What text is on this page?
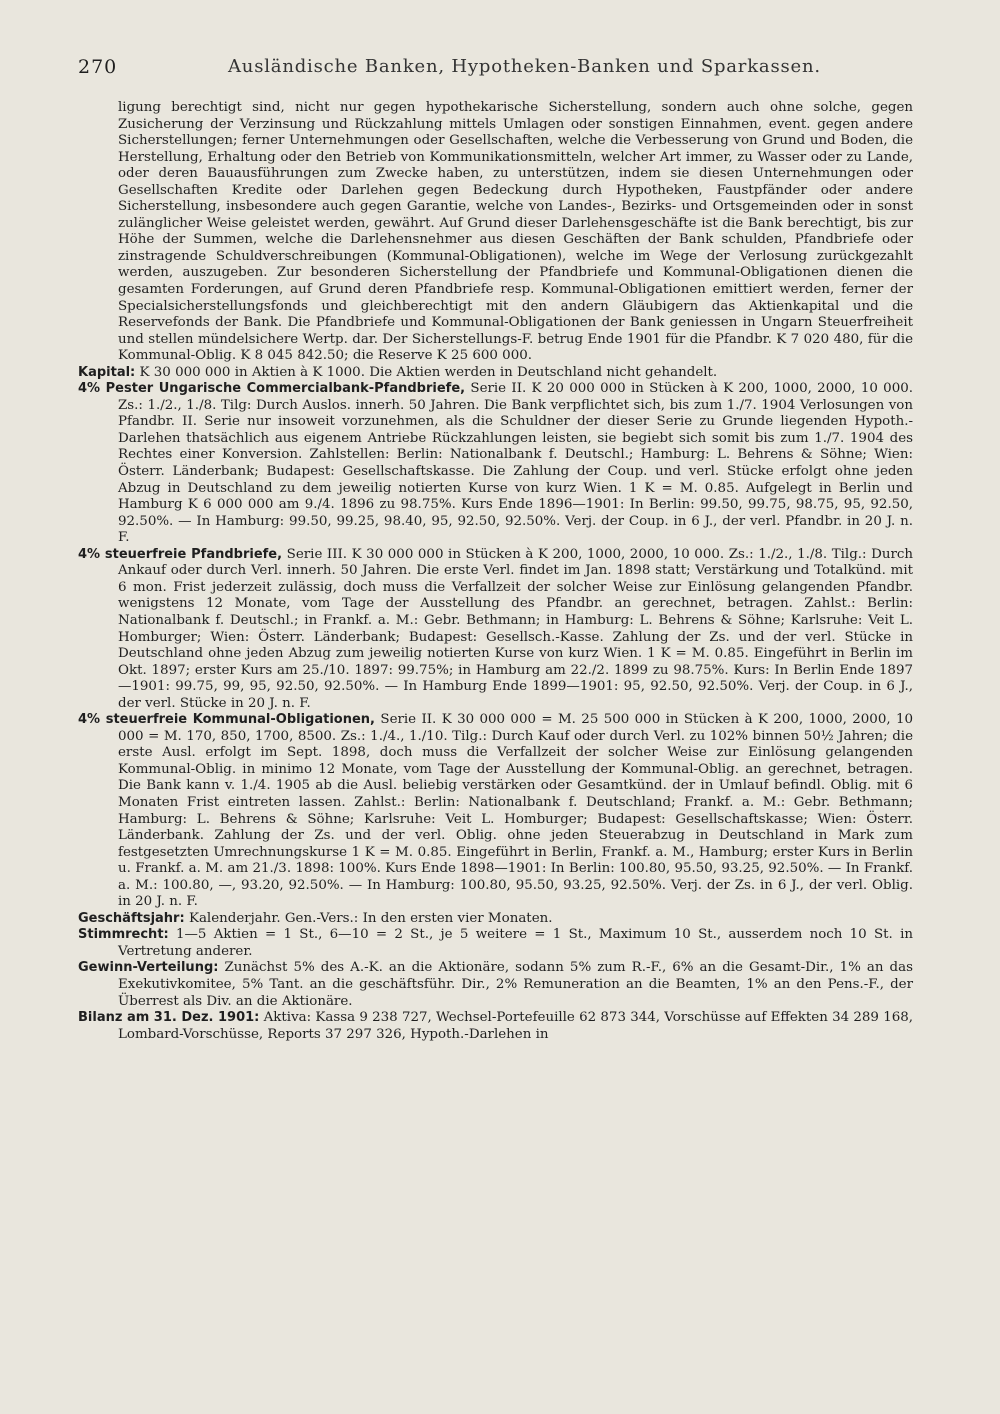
270	Ausländische Banken, Hypotheken-Banken und Sparkassen.

ligung berechtigt sind, nicht nur gegen hypothekarische Sicherstellung, sondern auch ohne solche, gegen Zusicherung der Verzinsung und Rückzahlung mittels Umlagen oder sonstigen Einnahmen, event. gegen andere Sicherstellungen; ferner Unternehmungen oder Gesellschaften, welche die Verbesserung von Grund und Boden, die Herstellung, Erhaltung oder den Betrieb von Kommunikationsmitteln, welcher Art immer, zu Wasser oder zu Lande, oder deren Bauausführungen zum Zwecke haben, zu unterstützen, indem sie diesen Unternehmungen oder Gesellschaften Kredite oder Darlehen gegen Bedeckung durch Hypotheken, Faustpfänder oder andere Sicherstellung, insbesondere auch gegen Garantie, welche von Landes-, Bezirks- und Ortsgemeinden oder in sonst zulänglicher Weise geleistet werden, gewährt. Auf Grund dieser Darlehensgeschäfte ist die Bank berechtigt, bis zur Höhe der Summen, welche die Darlehensnehmer aus diesen Geschäften der Bank schulden, Pfandbriefe oder zinstragende Schuldverschreibungen (Kommunal-Obligationen), welche im Wege der Verlosung zurückgezahlt werden, auszugeben. Zur besonderen Sicherstellung der Pfandbriefe und Kommunal-Obligationen dienen die gesamten Forderungen, auf Grund deren Pfandbriefe resp. Kommunal-Obligationen emittiert werden, ferner der Specialsicherstellungsfonds und gleichberechtigt mit den andern Gläubigern das Aktienkapital und die Reservefonds der Bank. Die Pfandbriefe und Kommunal-Obligationen der Bank geniessen in Ungarn Steuerfreiheit und stellen mündelsichere Wertp. dar. Der Sicherstellungs-F. betrug Ende 1901 für die Pfandbr. K 7 020 480, für die Kommunal-Oblig. K 8 045 842.50; die Reserve K 25 600 000.

Kapital: K 30 000 000 in Aktien à K 1000. Die Aktien werden in Deutschland nicht gehandelt.

4% Pester Ungarische Commercialbank-Pfandbriefe, Serie II. K 20 000 000 in Stücken à K 200, 1000, 2000, 10 000. Zs.: 1./2., 1./8. Tilg: Durch Auslos. innerh. 50 Jahren. Die Bank verpflichtet sich, bis zum 1./7. 1904 Verlosungen von Pfandbr. II. Serie nur insoweit vorzunehmen, als die Schuldner der dieser Serie zu Grunde liegenden Hypoth.-Darlehen thatsächlich aus eigenem Antriebe Rückzahlungen leisten, sie begiebt sich somit bis zum 1./7. 1904 des Rechtes einer Konversion. Zahlstellen: Berlin: Nationalbank f. Deutschl.; Hamburg: L. Behrens & Söhne; Wien: Österr. Länderbank; Budapest: Gesellschaftskasse. Die Zahlung der Coup. und verl. Stücke erfolgt ohne jeden Abzug in Deutschland zu dem jeweilig notierten Kurse von kurz Wien. 1 K = M. 0.85. Aufgelegt in Berlin und Hamburg K 6 000 000 am 9./4. 1896 zu 98.75%. Kurs Ende 1896—1901: In Berlin: 99.50, 99.75, 98.75, 95, 92.50, 92.50%. — In Hamburg: 99.50, 99.25, 98.40, 95, 92.50, 92.50%. Verj. der Coup. in 6 J., der verl. Pfandbr. in 20 J. n. F.

4% steuerfreie Pfandbriefe, Serie III. K 30 000 000 in Stücken à K 200, 1000, 2000, 10 000. Zs.: 1./2., 1./8. Tilg.: Durch Ankauf oder durch Verl. innerh. 50 Jahren. Die erste Verl. findet im Jan. 1898 statt; Verstärkung und Totalkünd. mit 6 mon. Frist jederzeit zulässig, doch muss die Verfallzeit der solcher Weise zur Einlösung gelangenden Pfandbr. wenigstens 12 Monate, vom Tage der Ausstellung des Pfandbr. an gerechnet, betragen. Zahlst.: Berlin: Nationalbank f. Deutschl.; in Frankf. a. M.: Gebr. Bethmann; in Hamburg: L. Behrens & Söhne; Karlsruhe: Veit L. Homburger; Wien: Österr. Länderbank; Budapest: Gesellsch.-Kasse. Zahlung der Zs. und der verl. Stücke in Deutschland ohne jeden Abzug zum jeweilig notierten Kurse von kurz Wien. 1 K = M. 0.85. Eingeführt in Berlin im Okt. 1897; erster Kurs am 25./10. 1897: 99.75%; in Hamburg am 22./2. 1899 zu 98.75%. Kurs: In Berlin Ende 1897—1901: 99.75, 99, 95, 92.50, 92.50%. — In Hamburg Ende 1899—1901: 95, 92.50, 92.50%. Verj. der Coup. in 6 J., der verl. Stücke in 20 J. n. F.

4% steuerfreie Kommunal-Obligationen, Serie II. K 30 000 000 = M. 25 500 000 in Stücken à K 200, 1000, 2000, 10 000 = M. 170, 850, 1700, 8500. Zs.: 1./4., 1./10. Tilg.: Durch Kauf oder durch Verl. zu 102% binnen 50½ Jahren; die erste Ausl. erfolgt im Sept. 1898, doch muss die Verfallzeit der solcher Weise zur Einlösung gelangenden Kommunal-Oblig. in minimo 12 Monate, vom Tage der Ausstellung der Kommunal-Oblig. an gerechnet, betragen. Die Bank kann v. 1./4. 1905 ab die Ausl. beliebig verstärken oder Gesamtkünd. der in Umlauf befindl. Oblig. mit 6 Monaten Frist eintreten lassen. Zahlst.: Berlin: Nationalbank f. Deutschland; Frankf. a. M.: Gebr. Bethmann; Hamburg: L. Behrens & Söhne; Karlsruhe: Veit L. Homburger; Budapest: Gesellschaftskasse; Wien: Österr. Länderbank. Zahlung der Zs. und der verl. Oblig. ohne jeden Steuerabzug in Deutschland in Mark zum festgesetzten Umrechnungskurse 1 K = M. 0.85. Eingeführt in Berlin, Frankf. a. M., Hamburg; erster Kurs in Berlin u. Frankf. a. M. am 21./3. 1898: 100%. Kurs Ende 1898—1901: In Berlin: 100.80, 95.50, 93.25, 92.50%. — In Frankf. a. M.: 100.80, —, 93.20, 92.50%. — In Hamburg: 100.80, 95.50, 93.25, 92.50%. Verj. der Zs. in 6 J., der verl. Oblig. in 20 J. n. F.

Geschäftsjahr: Kalenderjahr. Gen.-Vers.: In den ersten vier Monaten.

Stimmrecht: 1—5 Aktien = 1 St., 6—10 = 2 St., je 5 weitere = 1 St., Maximum 10 St., ausserdem noch 10 St. in Vertretung anderer.

Gewinn-Verteilung: Zunächst 5% des A.-K. an die Aktionäre, sodann 5% zum R.-F., 6% an die Gesamt-Dir., 1% an das Exekutivkomitee, 5% Tant. an die geschäftsführ. Dir., 2% Remuneration an die Beamten, 1% an den Pens.-F., der Überrest als Div. an die Aktionäre.

Bilanz am 31. Dez. 1901: Aktiva: Kassa 9 238 727, Wechsel-Portefeuille 62 873 344, Vorschüsse auf Effekten 34 289 168, Lombard-Vorschüsse, Reports 37 297 326, Hypoth.-Darlehen in
